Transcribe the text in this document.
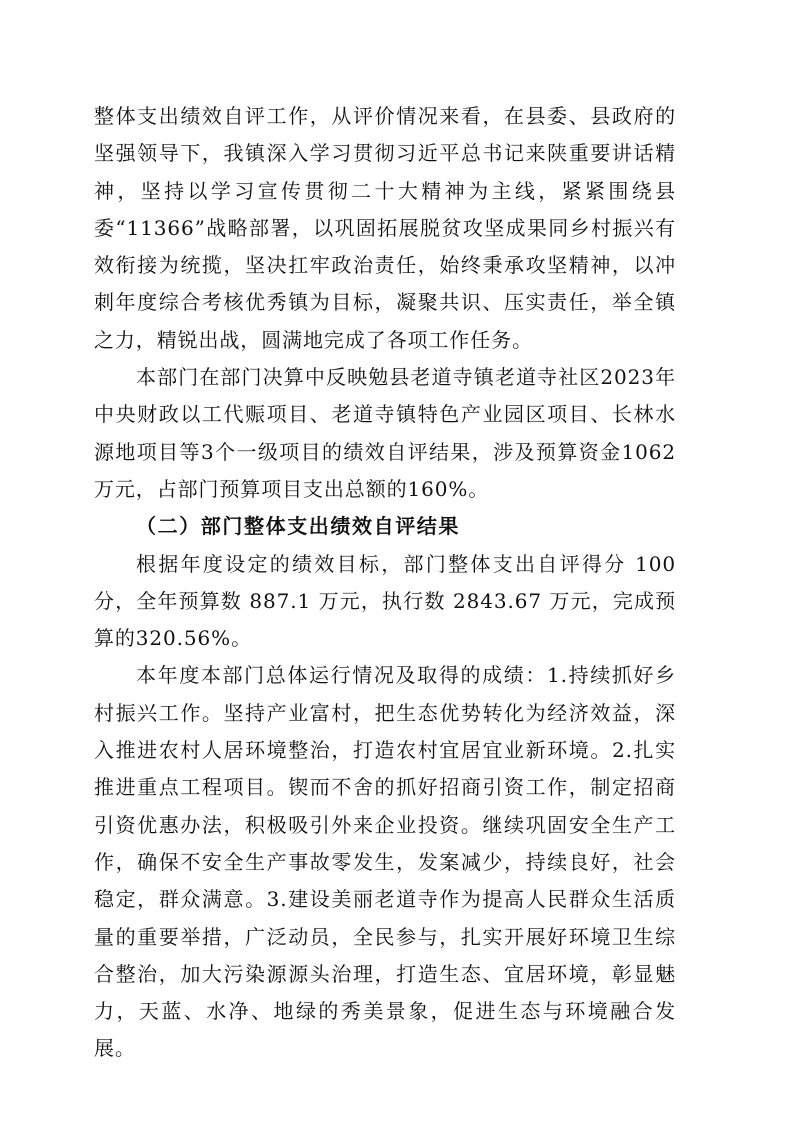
整体支出绩效自评工作，从评价情况来看，在县委、县政府的坚强领导下，我镇深入学习贯彻习近平总书记来陕重要讲话精神，坚持以学习宣传贯彻二十大精神为主线，紧紧围绕县委“11366”战略部署，以巩固拓展脱贫攻坚成果同乡村振兴有效衔接为统揽，坚决扛牢政治责任，始终秉承攻坚精神，以冲刺年度综合考核优秀镇为目标，凝聚共识、压实责任，举全镇之力，精锐出战，圆满地完成了各项工作任务。

本部门在部门决算中反映勉县老道寺镇老道寺社区2023年中央财政以工代赈项目、老道寺镇特色产业园区项目、长林水源地项目等3个一级项目的绩效自评结果，涉及预算资金1062万元，占部门预算项目支出总额的160%。

（二）部门整体支出绩效自评结果

根据年度设定的绩效目标，部门整体支出自评得分 100 分，全年预算数 887.1 万元，执行数 2843.67 万元，完成预算的320.56%。

本年度本部门总体运行情况及取得的成绩：1.持续抓好乡村振兴工作。坚持产业富村，把生态优势转化为经济效益，深入推进农村人居环境整治，打造农村宜居宜业新环境。2.扎实推进重点工程项目。锲而不舍的抓好招商引资工作，制定招商引资优惠办法，积极吸引外来企业投资。继续巩固安全生产工作，确保不安全生产事故零发生，发案减少，持续良好，社会稳定，群众满意。3.建设美丽老道寺作为提高人民群众生活质量的重要举措，广泛动员，全民参与，扎实开展好环境卫生综合整治，加大污染源源头治理，打造生态、宜居环境，彰显魅力，天蓝、水净、地绿的秀美景象，促进生态与环境融合发展。
